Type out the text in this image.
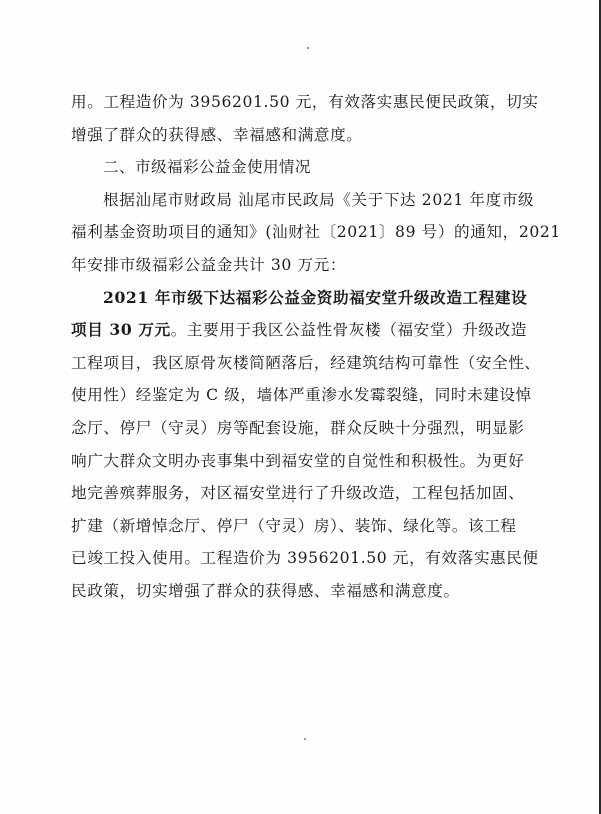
用。工程造价为 3956201.50 元，有效落实惠民便民政策，切实
增强了群众的获得感、幸福感和满意度。
二、市级福彩公益金使用情况
根据汕尾市财政局 汕尾市民政局《关于下达 2021 年度市级
福利基金资助项目的通知》(汕财社〔2021〕89 号）的通知，2021
年安排市级福彩公益金共计 30 万元：
2021 年市级下达福彩公益金资助福安堂升级改造工程建设
项目 30 万元。主要用于我区公益性骨灰楼（福安堂）升级改造
工程项目，我区原骨灰楼简陋落后，经建筑结构可靠性（安全性、
使用性）经鉴定为 C 级，墙体严重渗水发霉裂缝，同时未建设悼
念厅、停尸（守灵）房等配套设施，群众反映十分强烈，明显影
响广大群众文明办丧事集中到福安堂的自觉性和积极性。为更好
地完善殡葬服务，对区福安堂进行了升级改造，工程包括加固、
扩建（新增悼念厅、停尸（守灵）房）、装饰、绿化等。该工程
已竣工投入使用。工程造价为 3956201.50 元，有效落实惠民便
民政策，切实增强了群众的获得感、幸福感和满意度。
